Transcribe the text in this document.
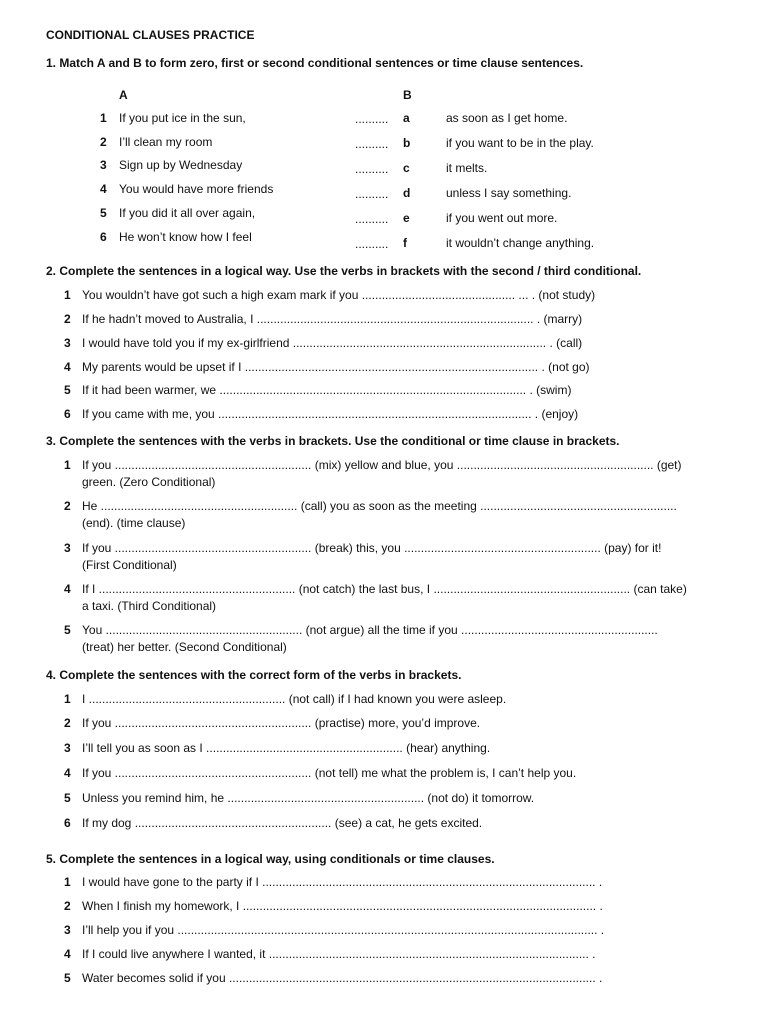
CONDITIONAL CLAUSES PRACTICE
1. Match A and B to form zero, first or second conditional sentences or time clause sentences.
A	B
1 If you put ice in the sun,	.......... a	as soon as I get home.
2 I’ll clean my room	.......... b	if you want to be in the play.
3 Sign up by Wednesday	.......... c	it melts.
4 You would have more friends	.......... d	unless I say something.
5 If you did it all over again,	.......... e	if you went out more.
6 He won’t know how I feel	.......... f	it wouldn’t change anything.
2. Complete the sentences in a logical way. Use the verbs in brackets with the second / third conditional.
1 You wouldn’t have got such a high exam mark if you .............................................. ... . (not study)
2 If he hadn’t moved to Australia, I ................................................................................... . (marry)
3 I would have told you if my ex-girlfriend ............................................................................ . (call)
4 My parents would be upset if I ........................................................................................ . (not go)
5 If it had been warmer, we ............................................................................................ . (swim)
6 If you came with me, you .............................................................................................. . (enjoy)
3. Complete the sentences with the verbs in brackets. Use the conditional or time clause in brackets.
1 If you ........................................................... (mix) yellow and blue, you ........................................................... (get)
green. (Zero Conditional)
2 He ........................................................... (call) you as soon as the meeting ...........................................................
(end). (time clause)
3 If you ........................................................... (break) this, you ........................................................... (pay) for it!
(First Conditional)
4 If I ........................................................... (not catch) the last bus, I ........................................................... (can take)
a taxi. (Third Conditional)
5 You ........................................................... (not argue) all the time if you ...........................................................
(treat) her better. (Second Conditional)
4. Complete the sentences with the correct form of the verbs in brackets.
1 I ........................................................... (not call) if I had known you were asleep.
2 If you ........................................................... (practise) more, you’d improve.
3 I’ll tell you as soon as I ........................................................... (hear) anything.
4 If you ........................................................... (not tell) me what the problem is, I can’t help you.
5 Unless you remind him, he ........................................................... (not do) it tomorrow.
6 If my dog ........................................................... (see) a cat, he gets excited.
5. Complete the sentences in a logical way, using conditionals or time clauses.
1 I would have gone to the party if I .................................................................................................... .
2 When I finish my homework, I .......................................................................................................... .
3 I’ll help you if you .............................................................................................................................. .
4 If I could live anywhere I wanted, it ................................................................................................ .
5 Water becomes solid if you .............................................................................................................. .
